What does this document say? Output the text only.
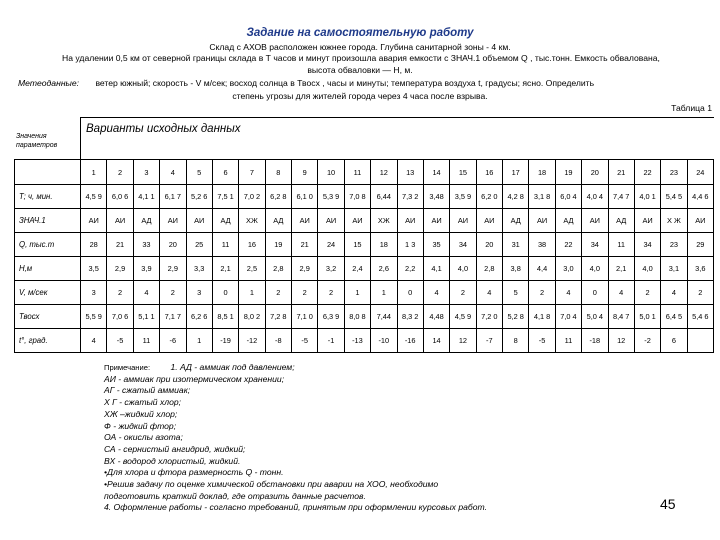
Задание на самостоятельную работу
Склад с АХОВ расположен южнее города. Глубина санитарной зоны - 4 км.
На удалении 0,5 км от северной границы склада в Т часов и минут произошла авария емкости с ЗНАЧ.1 объемом Q , тыс.тонн. Емкость обвалована,
высота обваловки — Н, м.
Метеоданные: ветер южный; скорость - V м/сек; восход солнца в Твосх , часы и минуты; температура воздуха t, градусы; ясно. Определить
степень угрозы для жителей города через 4 часа после взрыва.
Таблица 1
Значения параметров
Варианты исходных данных
	1	2	3	4	5	6	7	8	9	10	11	12	13	14	15	16	17	18	19	20	21	22	23	24
Т; ч, мин.	4,5 9	6,0 6	4,1 1	6,1 7	5,2 6	7,5 1	7,0 2	6,2 8	6,1 0	5,3 9	7,0 8	6,44	7,3 2	3,48	3,5 9	6,2 0	4,2 8	3,1 8	6,0 4	4,0 4	7,4 7	4,0 1	5,4 5	4,4 6
ЗНАЧ.1	АИ	АИ	АД	АИ	АИ	АД	ХЖ	АД	АИ	АИ	АИ	ХЖ	АИ	АИ	АИ	АИ	АД	АИ	АД	АИ	АД	АИ	Х Ж	АИ
Q, тыс.т	28	21	33	20	25	11	16	19	21	24	15	18	1 3	35	34	20	31	38	22	34	11	34	23	29
Н,м	3,5	2,9	3,9	2,9	3,3	2,1	2,5	2,8	2,9	3,2	2,4	2,6	2,2	4,1	4,0	2,8	3,8	4,4	3,0	4,0	2,1	4,0	3,1	3,6
V, м/сек	3	2	4	2	3	0	1	2	2	2	1	1	0	4	2	4	5	2	4	0	4	2	4	2
Твосх	5,5 9	7,0 6	5,1 1	7,1 7	6,2 6	8,5 1	8,0 2	7,2 8	7,1 0	6,3 9	8,0 8	7,44	8,3 2	4,48	4,5 9	7,2 0	5,2 8	4,1 8	7,0 4	5,0 4	8,4 7	5,0 1	6,4 5	5,4 6
t°, град.	4	-5	11	-6	1	-19	-12	-8	-5	-1	-13	-10	-16	14	12	-7	8	-5	11	-18	12	-2	6	
Примечание: 1. АД - аммиак под давлением;
АИ - аммиак при изотермическом хранении;
АГ - сжатый аммиак;
Х Г - сжатый хлор;
ХЖ –жидкий хлор;
Ф - жидкий фтор;
ОА - окислы азота;
СА - сернистый ангидрид, жидкий;
ВХ - водород хлористый, жидкий.
•Для хлора и фтора размерность Q - тонн.
•Решив задачу по оценке химической обстановки при аварии на ХОО, необходимо
подготовить краткий доклад, где отразить данные расчетов.
4. Оформление работы - согласно требований, принятым при оформлении курсовых работ.	45
